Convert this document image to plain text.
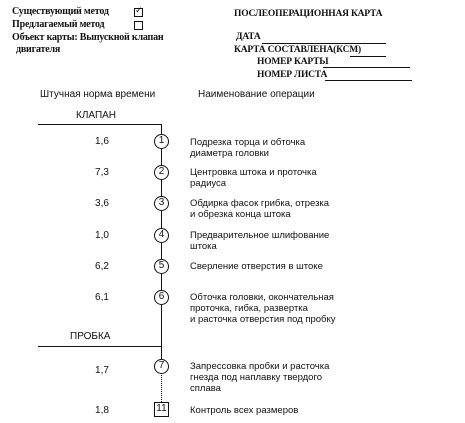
Существующий метод	✓
Предлагаемый метод
Объект карты: Выпускной клапан
двигателя
ПОСЛЕОПЕРАЦИОННАЯ КАРТА
ДАТА
КАРТА СОСТАВЛЕНА(КСМ)
НОМЕР КАРТЫ
НОМЕР ЛИСТА
Штучная норма времени	Наименование операции
КЛАПАН
ПРОБКА
1,6	1	Подрезка торца и обточка
диаметра головки
7,3	2	Центровка штока и проточка
радиуса
3,6	3	Обдирка фасок грибка, отрезка
и обрезка конца штока
1,0	4	Предварительное шлифование
штока
6,2	5	Сверление отверстия в штоке
6,1	6	Обточка головки, окончательная
проточка, гибка, развертка
и расточка отверстия под пробку
1,7	7	Запрессовка пробки и расточка
гнезда под наплавку твердого
сплава
1,8	11 Контроль всех размеров
